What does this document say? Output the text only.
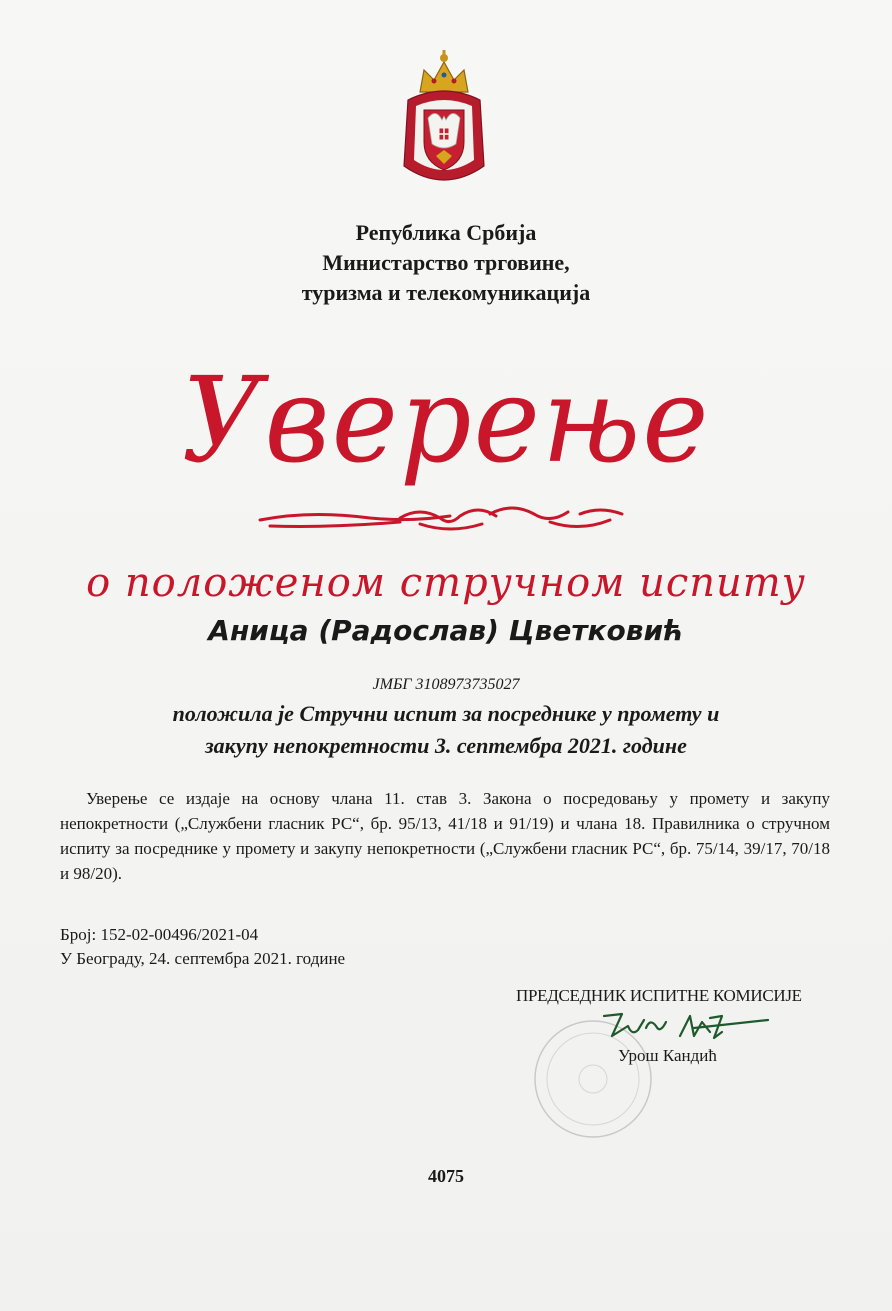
Република Србија
Министарство трговине,
туризма и телекомуникација
Уверење
о положеном стручном испиту
Аница (Радослав) Цветковић
ЈМБГ 3108973735027
положила је Стручни испит за посреднике у промету и
закупу непокретности 3. септембра 2021. године

Уверење се издаје на основу члана 11. став 3. Закона о посредовању у промету и закупу непокретности („Службени гласник РС“, бр. 95/13, 41/18 и 91/19) и члана 18. Правилника о стручном испиту за посреднике у промету и закупу непокретности („Службени гласник РС“, бр. 75/14, 39/17, 70/18 и 98/20).

Број: 152-02-00496/2021-04
У Београду, 24. септембра 2021. године
ПРЕДСЕДНИК ИСПИТНЕ КОМИСИЈЕ
Урош Кандић
4075
